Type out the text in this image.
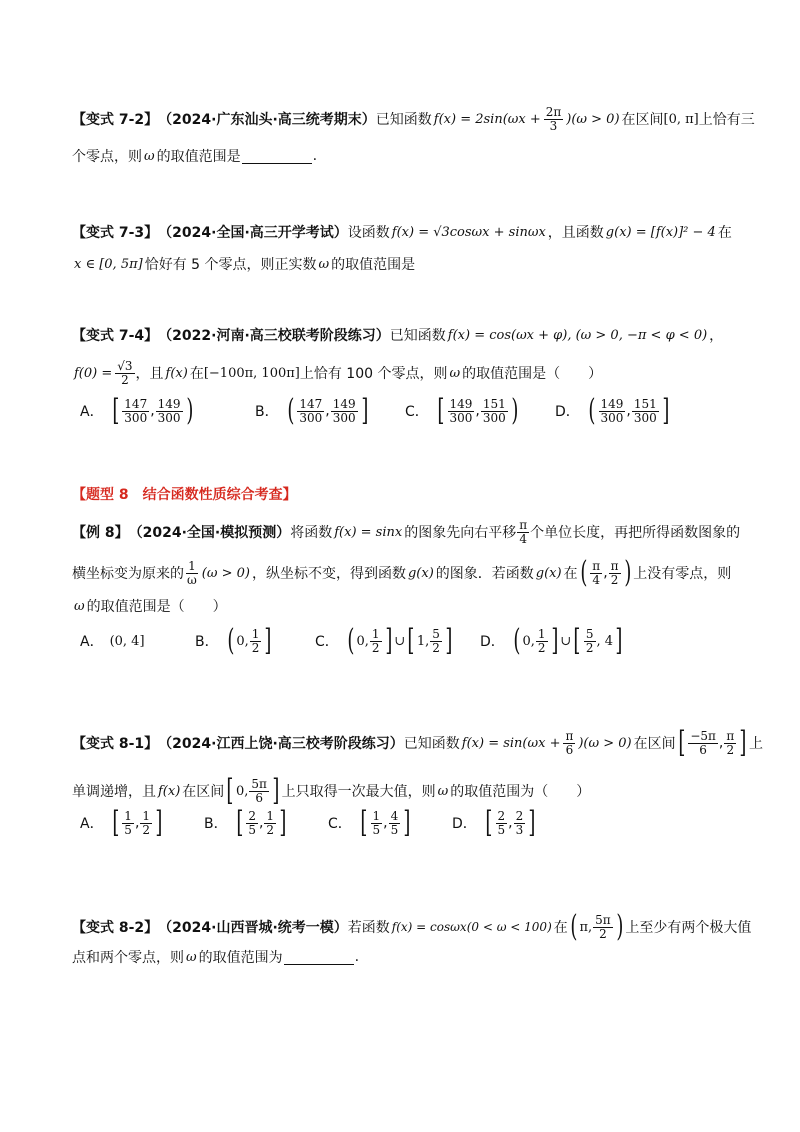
【变式 7-2】 （2024·广东汕头·高三统考期末） 已知函数 $f(x) = 2\sin(\omega x + \frac{2\pi}{3} )(\omega > 0)$ 在区间 [0, π] 上恰有三
个零点，则 ω 的取值范围是	.
【变式 7-3】 （2024·全国·高三开学考试） 设函数 f(x) = √3cosωx + sinωx ，且函数 g(x) = [f(x)]² − 4 在
x ∈ [0, 5π] 恰好有 5 个零点，则正实数 ω 的取值范围是
【变式 7-4】 （2022·河南·高三校联考阶段练习） 已知函数 f(x) = cos(ωx + φ), (ω > 0, −π < φ < 0) ，
$f(0) = \frac{√3}{2}$ ，且 f(x) 在 [−100π, 100π] 上恰有 100 个零点，则 ω 的取值范围是（　　）
A． [ $\frac{147}{300}$ , $\frac{149}{300}$ )	B． ( $\frac{147}{300}$ , $\frac{149}{300}$ ]	C． [ $\frac{149}{300}$ , $\frac{151}{300}$ )	D． ( $\frac{149}{300}$ , $\frac{151}{300}$ ]
【题型 8　结合函数性质综合考查】
【例 8】 （2024·全国·模拟预测） 将函数 f(x) = sinx 的图象先向右平移 $\frac{\pi}{4}$ 个单位长度，再把所得函数图象的
横坐标变为原来的 $\frac{1}{\omega} (\omega > 0)$ ，纵坐标不变，得到函数 g(x) 的图象．若函数 g(x) 在 ( $\frac{\pi}{4}$ , $\frac{\pi}{2}$ ) 上没有零点，则
ω 的取值范围是（　　）
A． (0, 4]	B． ( 0, $\frac{1}{2}$ ]	C． ( 0, $\frac{1}{2}$ ] ∪ [ 1, $\frac{5}{2}$ ] D． ( 0, $\frac{1}{2}$ ] ∪ [ $\frac{5}{2}$ , 4 ]
【变式 8-1】 （2024·江西上饶·高三校考阶段练习） 已知函数 $f(x) = \sin(\omega x + \frac{\pi}{6} )(\omega > 0)$ 在区间 [ $\frac{-5\pi}{6}$ , $\frac{\pi}{2}$ ] 上
单调递增，且 f(x) 在区间 [ 0, $\frac{5\pi}{6}$ ] 上只取得一次最大值，则 ω 的取值范围为（　　）
A． [ $\frac{1}{5}$ , $\frac{1}{2}$ ]	B． [ $\frac{2}{5}$ , $\frac{1}{2}$ ]	C． [ $\frac{1}{5}$ , $\frac{4}{5}$ ]	D． [ $\frac{2}{5}$ , $\frac{2}{3}$ ]
【变式 8-2】 （2024·山西晋城·统考一模） 若函数 f(x) = cosωx(0 < ω < 100) 在 ( π, $\frac{5\pi}{2}$ ) 上至少有两个极大值
点和两个零点，则 ω 的取值范围为	.
